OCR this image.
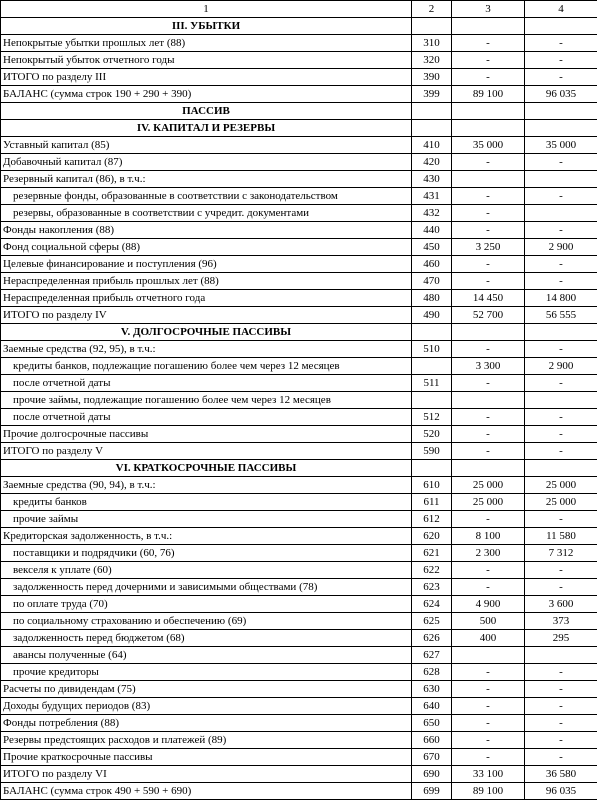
1	2	3	4
III. УБЫТКИ			
Непокрытые убытки прошлых лет (88)	310	-	-
Непокрытый убыток отчетного годы	320	-	-
ИТОГО по разделу III	390	-	-
БАЛАНС (сумма строк 190 + 290 + 390)	399	89 100	96 035
ПАССИВ			
IV. КАПИТАЛ И РЕЗЕРВЫ			
Уставный капитал (85)	410	35 000	35 000
Добавочный капитал (87)	420	-	-
Резервный капитал (86), в т.ч.:	430		
резервные фонды, образованные в соответствии с законодательством	431	-	-
резервы, образованные в соответствии с учредит. документами	432	-	
Фонды накопления (88)	440	-	-
Фонд социальной сферы (88)	450	3 250	2 900
Целевые финансирование и поступления (96)	460	-	-
Нераспределенная прибыль прошлых лет (88)	470	-	-
Нераспределенная прибыль отчетного года	480	14 450	14 800
ИТОГО по разделу IV	490	52 700	56 555
V. ДОЛГОСРОЧНЫЕ ПАССИВЫ			
Заемные средства (92, 95), в т.ч.:	510	-	-
кредиты банков, подлежащие погашению более чем через 12 месяцев		3 300	2 900
после отчетной даты	511	-	-
прочие займы, подлежащие погашению более чем через 12 месяцев			
после отчетной даты	512	-	-
Прочие долгосрочные пассивы	520	-	-
ИТОГО по разделу V	590	-	-
VI. КРАТКОСРОЧНЫЕ ПАССИВЫ			
Заемные средства (90, 94), в т.ч.:	610	25 000	25 000
кредиты банков	611	25 000	25 000
прочие займы	612	-	-
Кредиторская задолженность, в т.ч.:	620	8 100	11 580
поставщики и подрядчики (60, 76)	621	2 300	7 312
векселя к уплате (60)	622	-	-
задолженность перед дочерними и зависимыми обществами (78)	623	-	-
по оплате труда (70)	624	4 900	3 600
по социальному страхованию и обеспечению (69)	625	500	373
задолженность перед бюджетом (68)	626	400	295
авансы полученные (64)	627		
прочие кредиторы	628	-	-
Расчеты по дивидендам (75)	630	-	-
Доходы будущих периодов (83)	640	-	-
Фонды потребления (88)	650	-	-
Резервы предстоящих расходов и платежей (89)	660	-	-
Прочие краткосрочные пассивы	670	-	-
ИТОГО по разделу VI	690	33 100	36 580
БАЛАНС (сумма строк 490 + 590 + 690)	699	89 100	96 035
